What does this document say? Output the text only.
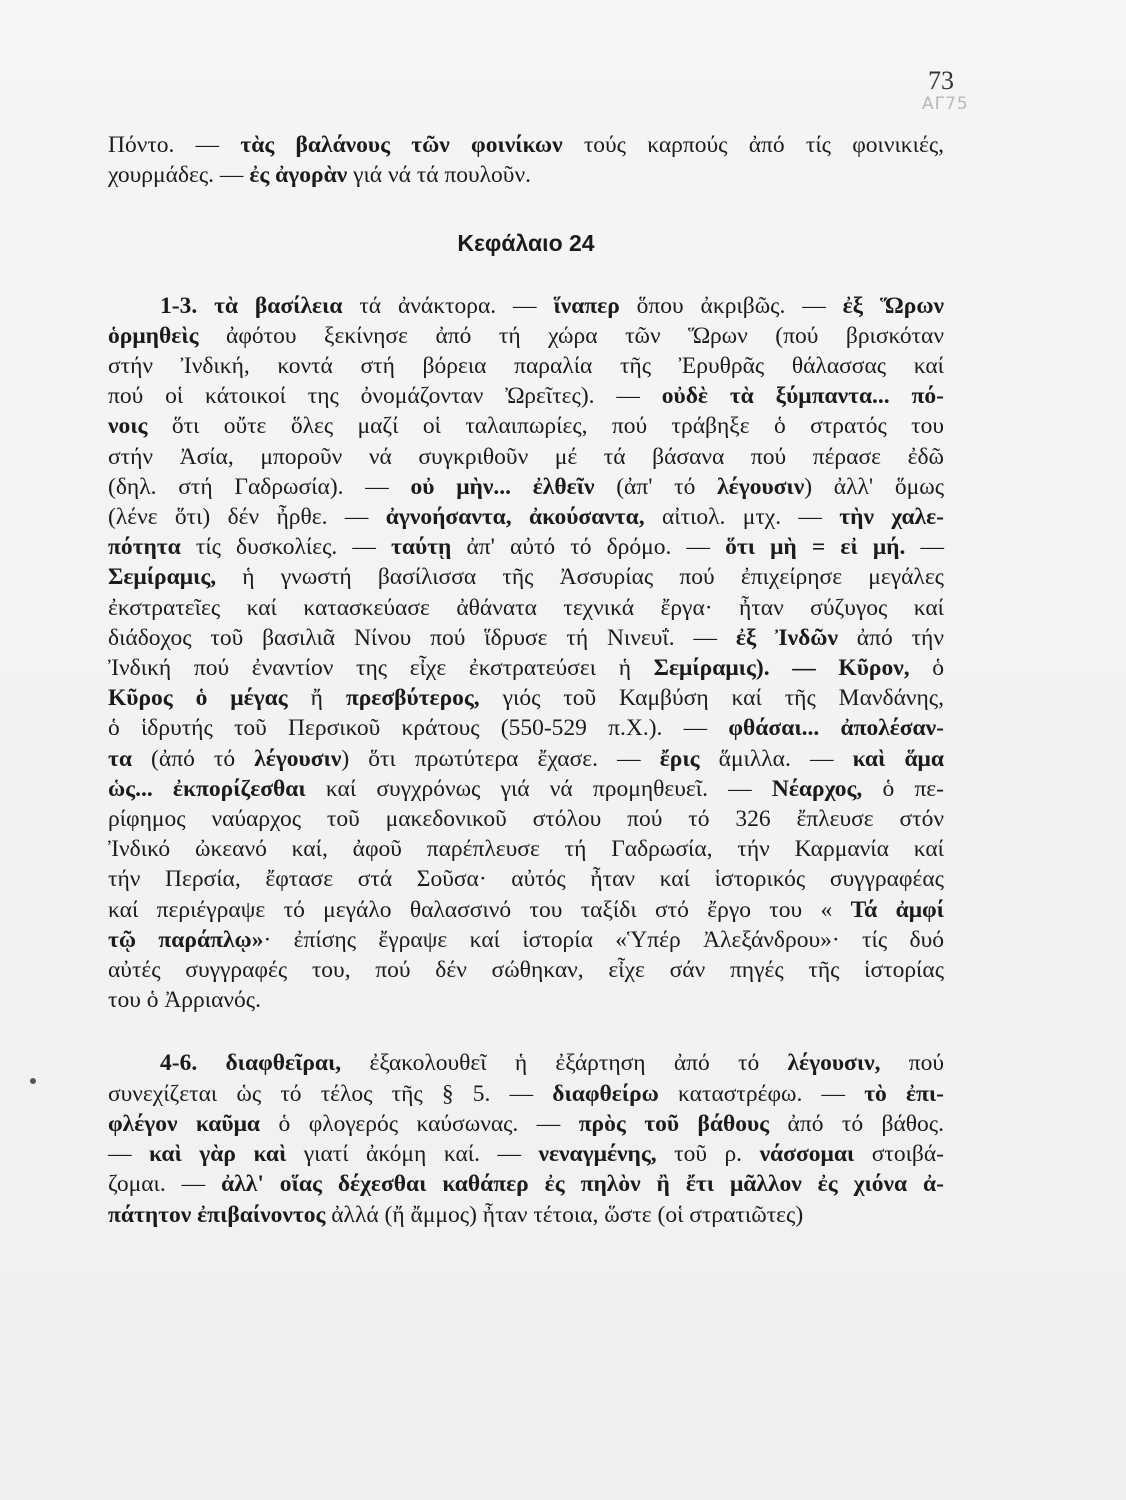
73
ΑΓ75
Πόντο. — τὰς βαλάνους τῶν φοινίκων τούς καρπούς ἀπό τίς φοινικιές,
χουρμάδες. — ἐς ἀγορὰν γιά νά τά πουλοῦν.
Κεφάλαιο 24
1-3. τὰ βασίλεια τά ἀνάκτορα. — ἵναπερ ὅπου ἀκριβῶς. — ἐξ Ὥρων
ὁρμηθεὶς ἀφότου ξεκίνησε ἀπό τή χώρα τῶν Ὥρων (πού βρισκόταν
στήν Ἰνδική, κοντά στή βόρεια παραλία τῆς Ἐρυθρᾶς θάλασσας καί
πού οἱ κάτοικοί της ὀνομάζονταν Ὠρεῖτες). — οὐδὲ τὰ ξύμπαντα... πό-
νοις ὅτι οὔτε ὅλες μαζί οἱ ταλαιπωρίες, πού τράβηξε ὁ στρατός του
στήν Ἀσία, μποροῦν νά συγκριθοῦν μέ τά βάσανα πού πέρασε ἐδῶ
(δηλ. στή Γαδρωσία). — οὐ μὴν... ἐλθεῖν (ἀπ' τό λέγουσιν) ἀλλ' ὅμως
(λένε ὅτι) δέν ἦρθε. — ἀγνοήσαντα, ἀκούσαντα, αἰτιολ. μτχ. — τὴν χαλε-
πότητα τίς δυσκολίες. — ταύτῃ ἀπ' αὐτό τό δρόμο. — ὅτι μὴ = εἰ μή. —
Σεμίραμις, ἡ γνωστή βασίλισσα τῆς Ἀσσυρίας πού ἐπιχείρησε μεγάλες
ἐκστρατεῖες καί κατασκεύασε ἀθάνατα τεχνικά ἔργα· ἦταν σύζυγος καί
διάδοχος τοῦ βασιλιᾶ Νίνου πού ἵδρυσε τή Νινευΐ. — ἐξ Ἰνδῶν ἀπό τήν
Ἰνδική πού ἐναντίον της εἶχε ἐκστρατεύσει ἡ Σεμίραμις). — Κῦρον, ὁ
Κῦρος ὁ μέγας ἤ πρεσβύτερος, γιός τοῦ Καμβύση καί τῆς Μανδάνης,
ὁ ἱδρυτής τοῦ Περσικοῦ κράτους (550-529 π.Χ.). — φθάσαι... ἀπολέσαν-
τα (ἀπό τό λέγουσιν) ὅτι πρωτύτερα ἔχασε. — ἔρις ἅμιλλα. — καὶ ἅμα
ὡς... ἐκπορίζεσθαι καί συγχρόνως γιά νά προμηθευεῖ. — Νέαρχος, ὁ πε-
ρίφημος ναύαρχος τοῦ μακεδονικοῦ στόλου πού τό 326 ἔπλευσε στόν
Ἰνδικό ὠκεανό καί, ἀφοῦ παρέπλευσε τή Γαδρωσία, τήν Καρμανία καί
τήν Περσία, ἔφτασε στά Σοῦσα· αὐτός ἦταν καί ἱστορικός συγγραφέας
καί περιέγραψε τό μεγάλο θαλασσινό του ταξίδι στό ἔργο του « Τά ἀμφί
τῷ παράπλῳ»· ἐπίσης ἔγραψε καί ἱστορία «Ὑπέρ Ἀλεξάνδρου»· τίς δυό
αὐτές συγγραφές του, πού δέν σώθηκαν, εἶχε σάν πηγές τῆς ἱστορίας
του ὁ Ἀρριανός.
4-6. διαφθεῖραι, ἐξακολουθεῖ ἡ ἐξάρτηση ἀπό τό λέγουσιν, πού
συνεχίζεται ὡς τό τέλος τῆς § 5. — διαφθείρω καταστρέφω. — τὸ ἐπι-
φλέγον καῦμα ὁ φλογερός καύσωνας. — πρὸς τοῦ βάθους ἀπό τό βάθος.
— καὶ γὰρ καὶ γιατί ἀκόμη καί. — νεναγμένης, τοῦ ρ. νάσσομαι στοιβά-
ζομαι. — ἀλλ' οἵας δέχεσθαι καθάπερ ἐς πηλὸν ἢ ἔτι μᾶλλον ἐς χιόνα ἀ-
πάτητον ἐπιβαίνοντος ἀλλά (ἤ ἄμμος) ἦταν τέτοια, ὥστε (οἱ στρατιῶτες)
